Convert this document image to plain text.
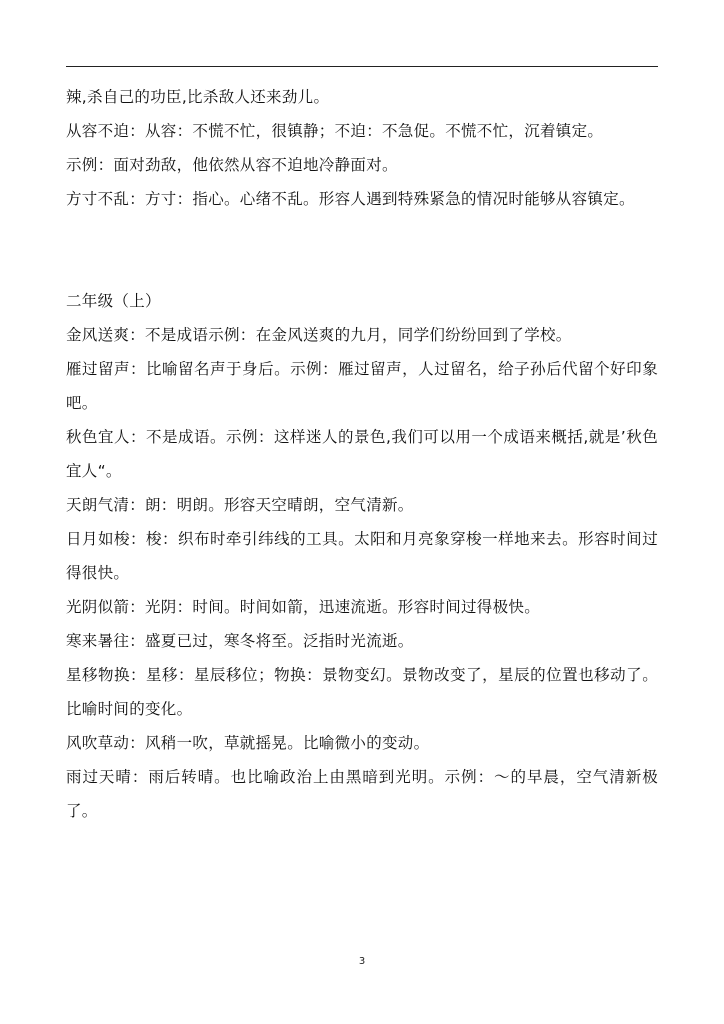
辣,杀自己的功臣,比杀敌人还来劲儿。

从容不迫：从容：不慌不忙，很镇静；不迫：不急促。不慌不忙，沉着镇定。

示例：面对劲敌，他依然从容不迫地冷静面对。

方寸不乱：方寸：指心。心绪不乱。形容人遇到特殊紧急的情况时能够从容镇定。

二年级（上）

金风送爽：不是成语示例：在金风送爽的九月，同学们纷纷回到了学校。

雁过留声：比喻留名声于身后。示例：雁过留声，人过留名，给子孙后代留个好印象吧。

秋色宜人：不是成语。示例：这样迷人的景色,我们可以用一个成语来概括,就是’秋色宜人“。

天朗气清：朗：明朗。形容天空晴朗，空气清新。

日月如梭：梭：织布时牵引纬线的工具。太阳和月亮象穿梭一样地来去。形容时间过得很快。

光阴似箭：光阴：时间。时间如箭，迅速流逝。形容时间过得极快。

寒来暑往：盛夏已过，寒冬将至。泛指时光流逝。

星移物换：星移：星辰移位；物换：景物变幻。景物改变了，星辰的位置也移动了。比喻时间的变化。

风吹草动：风稍一吹，草就摇晃。比喻微小的变动。

雨过天晴：雨后转晴。也比喻政治上由黑暗到光明。示例：～的早晨，空气清新极了。

3
